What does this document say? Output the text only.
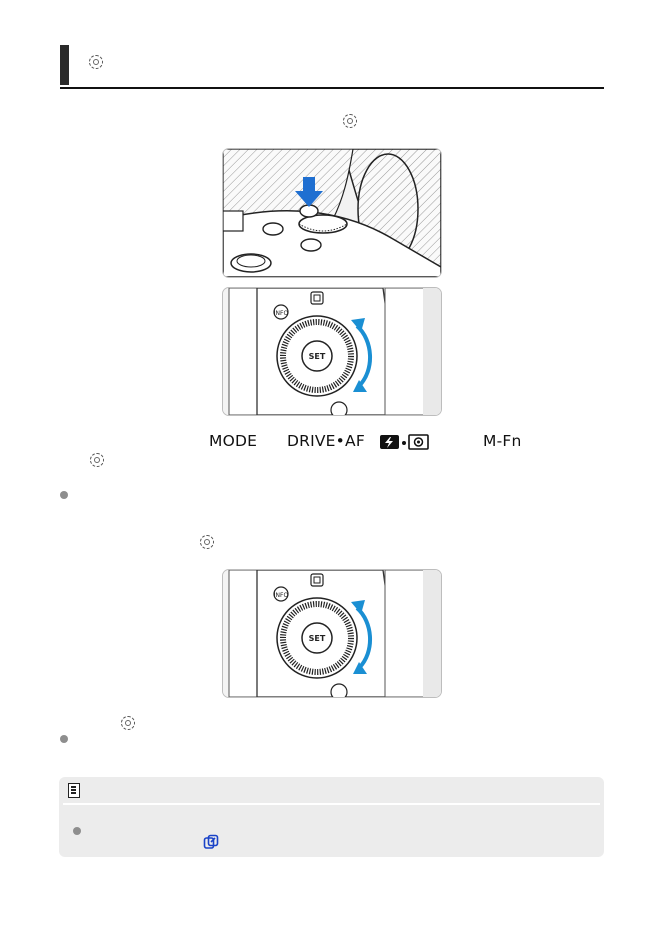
INFO
SET
MODE DRIVE•AF	M-Fn
INFO
SET
